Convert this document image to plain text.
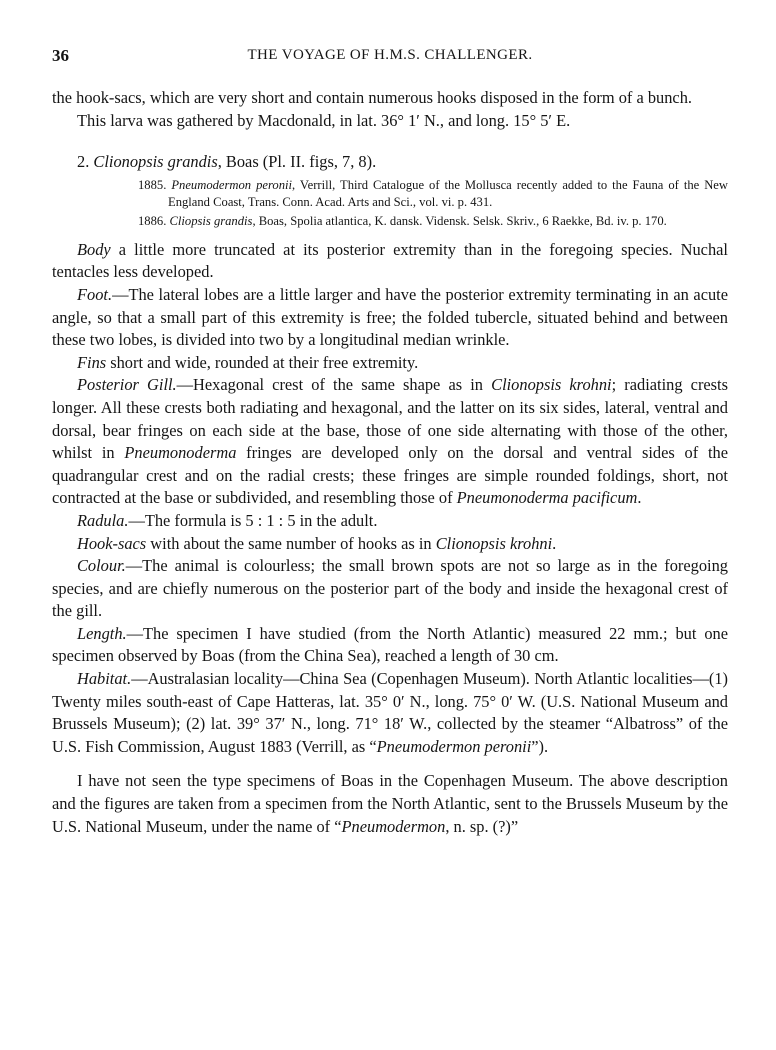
36	THE VOYAGE OF H.M.S. CHALLENGER.

the hook-sacs, which are very short and contain numerous hooks disposed in the form of a bunch.

This larva was gathered by Macdonald, in lat. 36° 1′ N., and long. 15° 5′ E.

2. Clionopsis grandis, Boas (Pl. II. figs, 7, 8).

1885. Pneumodermon peronii, Verrill, Third Catalogue of the Mollusca recently added to the Fauna of the New England Coast, Trans. Conn. Acad. Arts and Sci., vol. vi. p. 431.
1886. Cliopsis grandis, Boas, Spolia atlantica, K. dansk. Vidensk. Selsk. Skriv., 6 Raekke, Bd. iv. p. 170.

Body a little more truncated at its posterior extremity than in the foregoing species. Nuchal tentacles less developed.

Foot.—The lateral lobes are a little larger and have the posterior extremity terminating in an acute angle, so that a small part of this extremity is free; the folded tubercle, situated behind and between these two lobes, is divided into two by a longitudinal median wrinkle.

Fins short and wide, rounded at their free extremity.

Posterior Gill.—Hexagonal crest of the same shape as in Clionopsis krohni; radiating crests longer. All these crests both radiating and hexagonal, and the latter on its six sides, lateral, ventral and dorsal, bear fringes on each side at the base, those of one side alternating with those of the other, whilst in Pneumonoderma fringes are developed only on the dorsal and ventral sides of the quadrangular crest and on the radial crests; these fringes are simple rounded foldings, short, not contracted at the base or subdivided, and resembling those of Pneumonoderma pacificum.

Radula.—The formula is 5 : 1 : 5 in the adult.

Hook-sacs with about the same number of hooks as in Clionopsis krohni.

Colour.—The animal is colourless; the small brown spots are not so large as in the foregoing species, and are chiefly numerous on the posterior part of the body and inside the hexagonal crest of the gill.

Length.—The specimen I have studied (from the North Atlantic) measured 22 mm.; but one specimen observed by Boas (from the China Sea), reached a length of 30 cm.

Habitat.—Australasian locality—China Sea (Copenhagen Museum). North Atlantic localities—(1) Twenty miles south-east of Cape Hatteras, lat. 35° 0′ N., long. 75° 0′ W. (U.S. National Museum and Brussels Museum); (2) lat. 39° 37′ N., long. 71° 18′ W., collected by the steamer “Albatross” of the U.S. Fish Commission, August 1883 (Verrill, as “Pneumodermon peronii”).

I have not seen the type specimens of Boas in the Copenhagen Museum. The above description and the figures are taken from a specimen from the North Atlantic, sent to the Brussels Museum by the U.S. National Museum, under the name of “Pneumodermon, n. sp. (?)”
